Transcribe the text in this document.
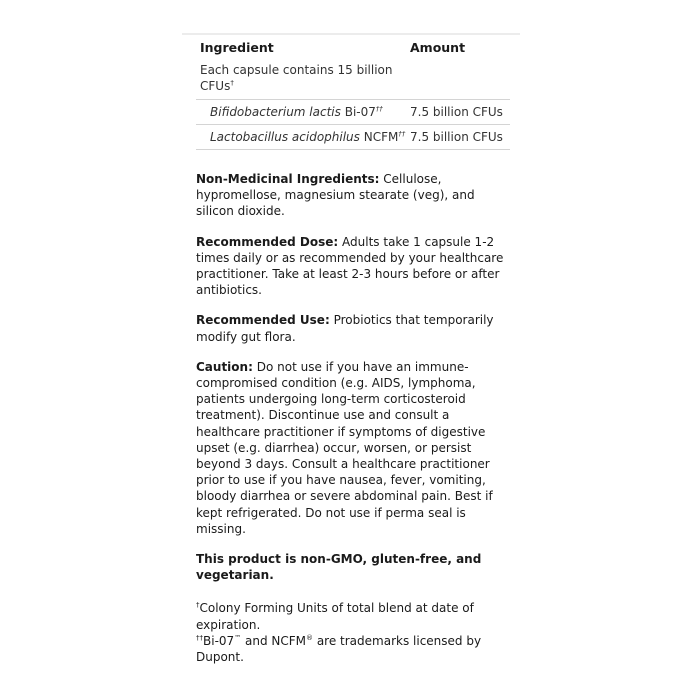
Ingredient	Amount
Each capsule contains 15 billion CFUs†	
Bifidobacterium lactis Bi-07††	7.5 billion CFUs
Lactobacillus acidophilus NCFM††	7.5 billion CFUs

Non-Medicinal Ingredients: Cellulose, hypromellose, magnesium stearate (veg), and silicon dioxide.

Recommended Dose: Adults take 1 capsule 1-2 times daily or as recommended by your healthcare practitioner. Take at least 2-3 hours before or after antibiotics.

Recommended Use: Probiotics that temporarily modify gut flora.

Caution: Do not use if you have an immune-compromised condition (e.g. AIDS, lymphoma, patients undergoing long-term corticosteroid treatment). Discontinue use and consult a healthcare practitioner if symptoms of digestive upset (e.g. diarrhea) occur, worsen, or persist beyond 3 days. Consult a healthcare practitioner prior to use if you have nausea, fever, vomiting, bloody diarrhea or severe abdominal pain. Best if kept refrigerated. Do not use if perma seal is missing.

This product is non-GMO, gluten-free, and vegetarian.

†Colony Forming Units of total blend at date of expiration.

††Bi-07™ and NCFM® are trademarks licensed by Dupont.
